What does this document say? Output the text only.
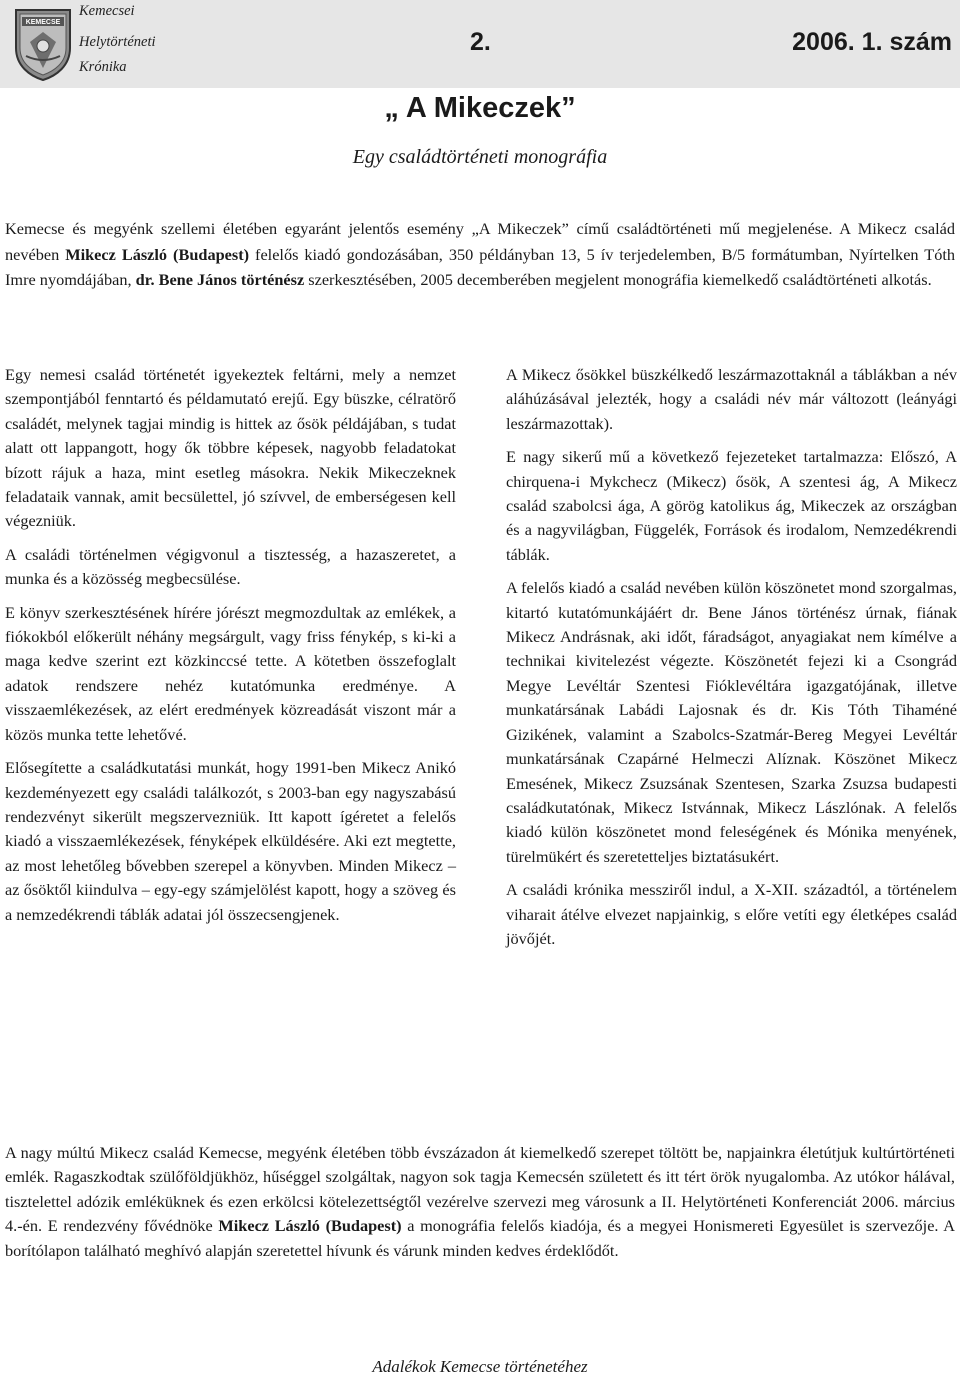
KEMECSE
Kemecsei
Helytörténeti
Krónika
2.	2006. 1. szám
„ A Mikeczek”
Egy családtörténeti monográfia

Kemecse és megyénk szellemi életében egyaránt jelentős esemény „A Mikeczek” című családtörténeti mű megjelenése. A Mikecz család nevében Mikecz László (Budapest) felelős kiadó gondozásában, 350 példányban 13, 5 ív terjedelemben, B/5 formátumban, Nyírtelken Tóth Imre nyomdájában, dr. Bene János történész szerkesztésében, 2005 decemberében megjelent monográfia kiemelkedő családtörténeti alkotás.

Egy nemesi család történetét igyekeztek feltárni, mely a nemzet szempontjából fenntartó és példamutató erejű. Egy büszke, célratörő családét, melynek tagjai mindig is hittek az ősök példájában, s tudat alatt ott lappangott, hogy ők többre képesek, nagyobb feladatokat bízott rájuk a haza, mint esetleg másokra. Nekik Mikeczeknek feladataik vannak, amit becsülettel, jó szívvel, de emberségesen kell végezniük.

A családi történelmen végigvonul a tisztesség, a hazaszeretet, a munka és a közösség megbecsülése.

E könyv szerkesztésének hírére jórészt megmozdultak az emlékek, a fiókokból előkerült néhány megsárgult, vagy friss fénykép, s ki-ki a maga kedve szerint ezt közkinccsé tette. A kötetben összefoglalt adatok rendszere nehéz kutatómunka eredménye. A visszaemlékezések, az elért eredmények közreadását viszont már a közös munka tette lehetővé.

Elősegítette a családkutatási munkát, hogy 1991-ben Mikecz Anikó kezdeményezett egy családi találkozót, s 2003-ban egy nagyszabású rendezvényt sikerült megszervezniük. Itt kapott ígéretet a felelős kiadó a visszaemlékezések, fényképek elküldésére. Aki ezt megtette, az most lehetőleg bővebben szerepel a könyvben. Minden Mikecz – az ősöktől kiindulva – egy-egy számjelölést kapott, hogy a szöveg és a nemzedékrendi táblák adatai jól összecsengjenek.

A Mikecz ősökkel büszkélkedő leszármazottaknál a táblákban a név aláhúzásával jelezték, hogy a családi név már változott (leányági leszármazottak).

E nagy sikerű mű a következő fejezeteket tartalmazza: Előszó, A chirquena-i Mykchecz (Mikecz) ősök, A szentesi ág, A Mikecz család szabolcsi ága, A görög katolikus ág, Mikeczek az országban és a nagyvilágban, Függelék, Források és irodalom, Nemzedékrendi táblák.

A felelős kiadó a család nevében külön köszönetet mond szorgalmas, kitartó kutatómunkájáért dr. Bene János történész úrnak, fiának Mikecz Andrásnak, aki időt, fáradságot, anyagiakat nem kímélve a technikai kivitelezést végezte. Köszönetét fejezi ki a Csongrád Megye Levéltár Szentesi Fióklevéltára igazgatójának, illetve munkatársának Labádi Lajosnak és dr. Kis Tóth Tihaméné Gizikének, valamint a Szabolcs-Szatmár-Bereg Megyei Levéltár munkatársának Czapárné Helmeczi Alíznak. Köszönet Mikecz Emesének, Mikecz Zsuzsának Szentesen, Szarka Zsuzsa budapesti családkutatónak, Mikecz Istvánnak, Mikecz Lászlónak. A felelős kiadó külön köszönetet mond feleségének és Mónika menyének, türelmükért és szeretetteljes biztatásukért.

A családi krónika messziről indul, a X-XII. századtól, a történelem viharait átélve elvezet napjainkig, s előre vetíti egy életképes család jövőjét.

A nagy múltú Mikecz család Kemecse, megyénk életében több évszázadon át kiemelkedő szerepet töltött be, napjainkra életútjuk kultúrtörténeti emlék. Ragaszkodtak szülőföldjükhöz, hűséggel szolgáltak, nagyon sok tagja Kemecsén született és itt tért örök nyugalomba. Az utókor hálával, tisztelettel adózik emléküknek és ezen erkölcsi kötelezettségtől vezérelve szervezi meg városunk a II. Helytörténeti Konferenciát 2006. március 4.-én. E rendezvény fővédnöke Mikecz László (Budapest) a monográfia felelős kiadója, és a megyei Honismereti Egyesület is szervezője. A borítólapon található meghívó alapján szeretettel hívunk és várunk minden kedves érdeklődőt.

Adalékok Kemecse történetéhez
